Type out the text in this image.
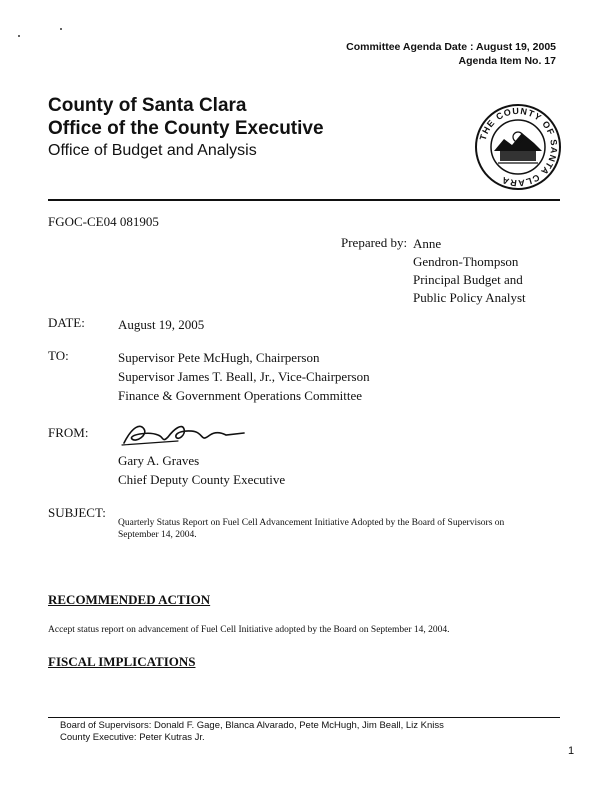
Committee Agenda Date : August 19, 2005
Agenda Item No. 17
County of Santa Clara
Office of the County Executive
Office of Budget and Analysis
THE COUNTY OF SANTA CLARA
FGOC-CE04 081905
Prepared by: Anne
Gendron-Thompson
Principal Budget and
Public Policy Analyst
DATE:	August 19, 2005
TO:	Supervisor Pete McHugh, Chairperson
Supervisor James T. Beall, Jr., Vice-Chairperson
Finance & Government Operations Committee
FROM:
Gary A. Graves
Chief Deputy County Executive
SUBJECT:
Quarterly Status Report on Fuel Cell Advancement Initiative Adopted by the Board of Supervisors on
September 14, 2004.
RECOMMENDED ACTION
Accept status report on advancement of Fuel Cell Initiative adopted by the Board on September 14, 2004.
FISCAL IMPLICATIONS
Board of Supervisors: Donald F. Gage, Blanca Alvarado, Pete McHugh, Jim Beall, Liz Kniss
County Executive: Peter Kutras Jr.
1
